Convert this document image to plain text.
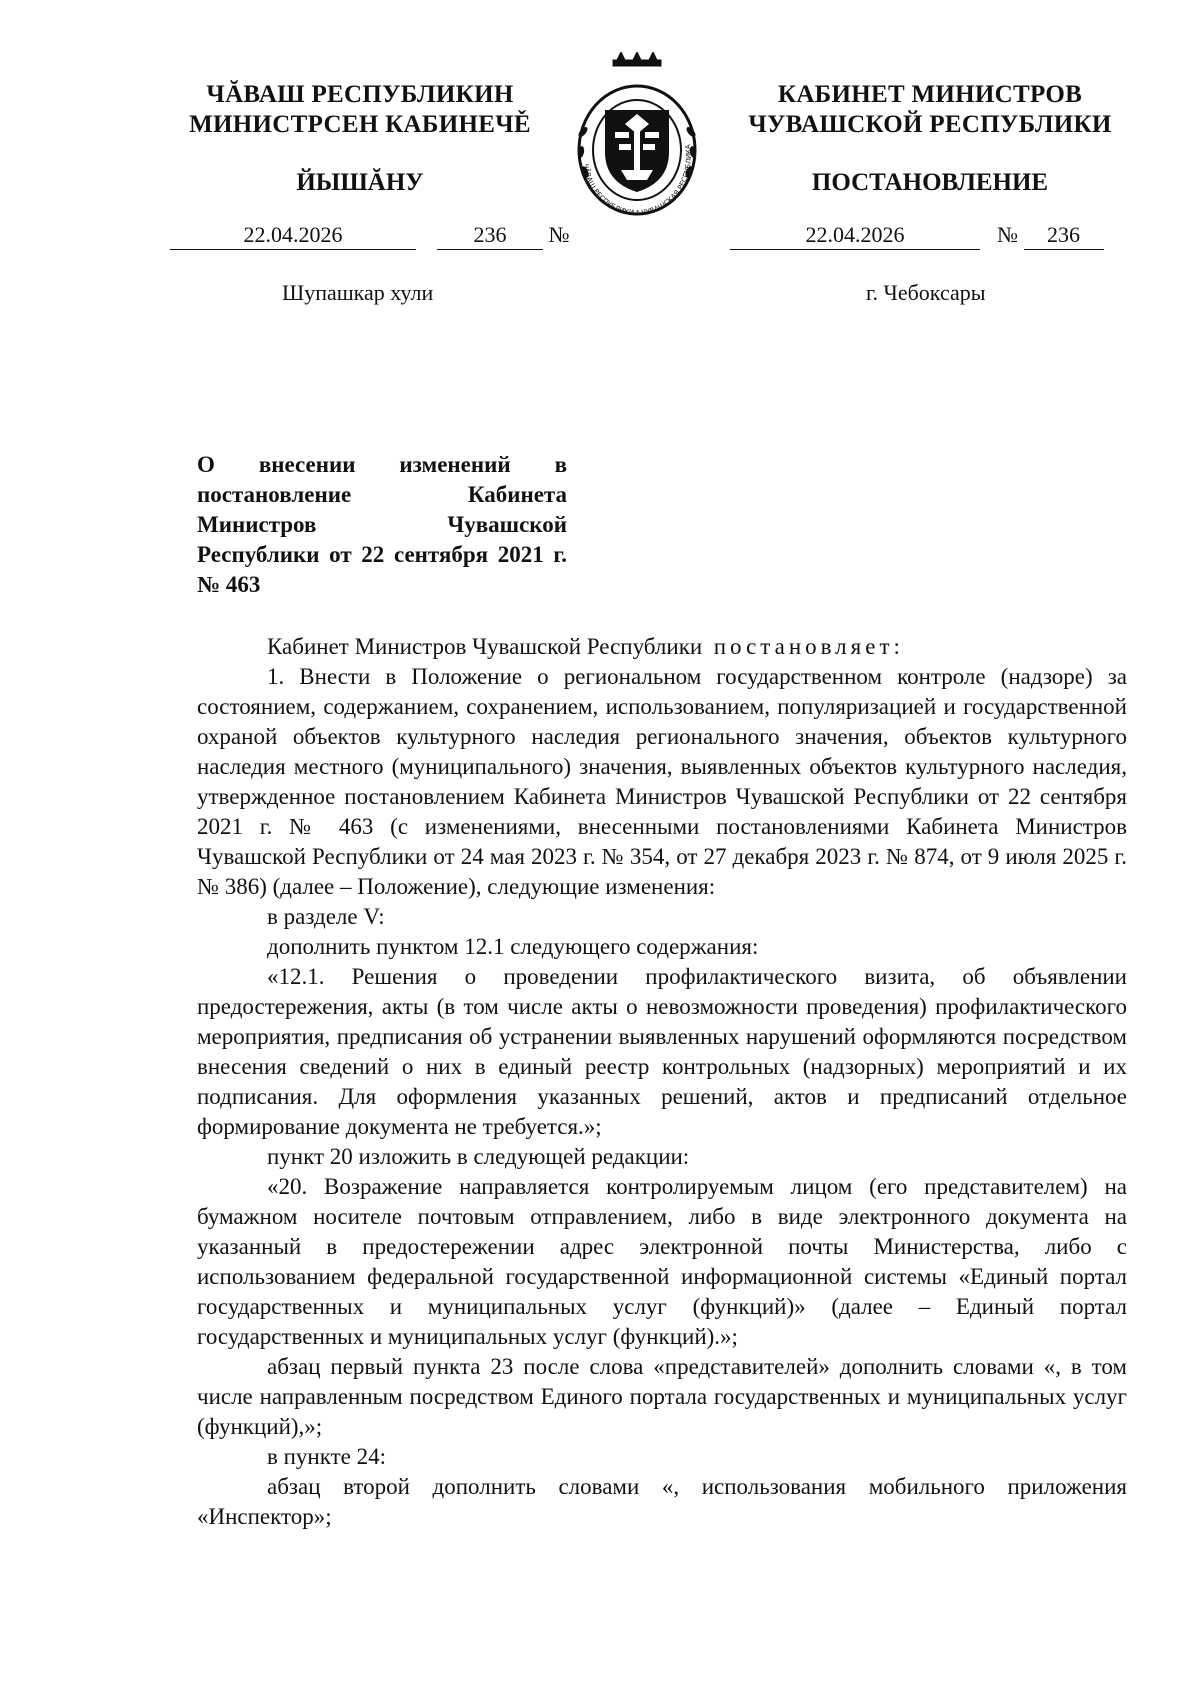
ЧĂВАШ РЕСПУБЛИКИН
МИНИСТРСЕН КАБИНЕЧĚ
ЙЫШĂНУ
ЧĂВАШ РЕСПУБЛИКИ * ЧУВАШСКАЯ РЕСПУБЛИКА
КАБИНЕТ МИНИСТРОВ
ЧУВАШСКОЙ РЕСПУБЛИКИ
ПОСТАНОВЛЕНИЕ
22.04.2026	236 №	22.04.2026	№ 236
Шупашкар хули	г. Чебоксары
О внесении изменений в постановление Кабинета Министров Чувашской Республики от 22 сентября 2021 г. № 463

Кабинет Министров Чувашской Республики постановляет:

1. Внести в Положение о региональном государственном контроле (надзоре) за состоянием, содержанием, сохранением, использованием, популяризацией и государственной охраной объектов культурного наследия регионального значения, объектов культурного наследия местного (муниципального) значения, выявленных объектов культурного наследия, утвержденное постановлением Кабинета Министров Чувашской Республики от 22 сентября 2021 г. № 463 (с изменениями, внесенными постановлениями Кабинета Министров Чувашской Республики от 24 мая 2023 г. № 354, от 27 декабря 2023 г. № 874, от 9 июля 2025 г. № 386) (далее – Положение), следующие изменения:

в разделе V:

дополнить пунктом 12.1 следующего содержания:

«12.1. Решения о проведении профилактического визита, об объявлении предостережения, акты (в том числе акты о невозможности проведения) профилактического мероприятия, предписания об устранении выявленных нарушений оформляются посредством внесения сведений о них в единый реестр контрольных (надзорных) мероприятий и их подписания. Для оформления указанных решений, актов и предписаний отдельное формирование документа не требуется.»;

пункт 20 изложить в следующей редакции:

«20. Возражение направляется контролируемым лицом (его представителем) на бумажном носителе почтовым отправлением, либо в виде электронного документа на указанный в предостережении адрес электронной почты Министерства, либо с использованием федеральной государственной информационной системы «Единый портал государственных и муниципальных услуг (функций)» (далее – Единый портал государственных и муниципальных услуг (функций).»;

абзац первый пункта 23 после слова «представителей» дополнить словами «, в том числе направленным посредством Единого портала государственных и муниципальных услуг (функций),»;

в пункте 24:

абзац второй дополнить словами «, использования мобильного приложения «Инспектор»;
